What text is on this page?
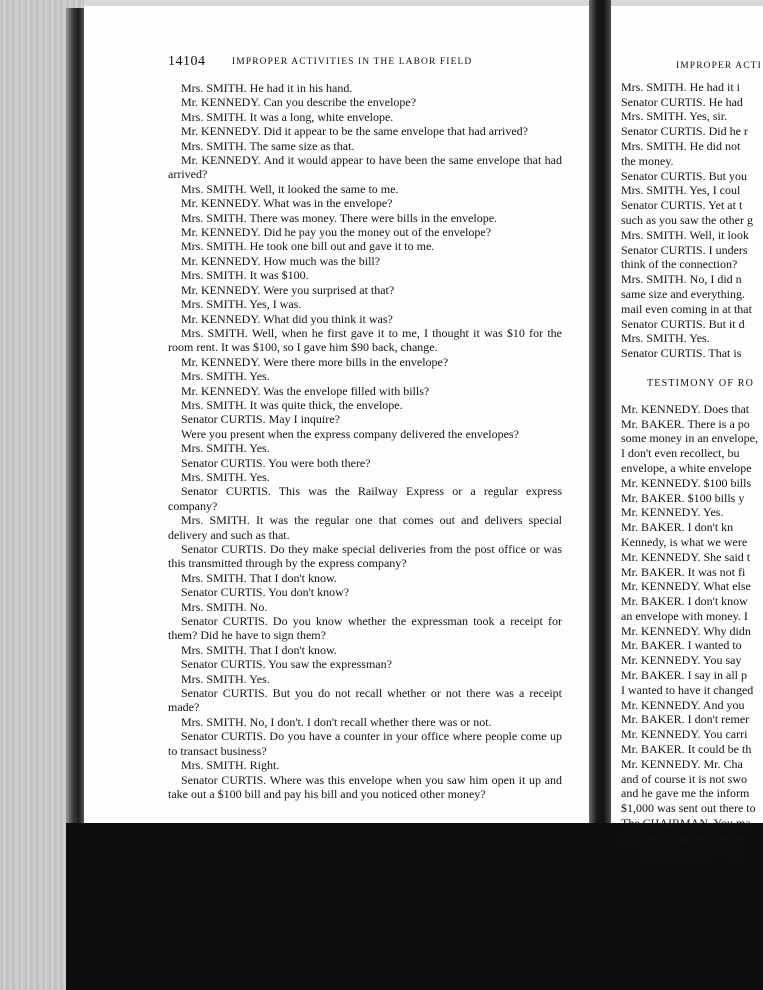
14104	IMPROPER ACTIVITIES IN THE LABOR FIELD

Mrs. SMITH. He had it in his hand.

Mr. KENNEDY. Can you describe the envelope?

Mrs. SMITH. It was a long, white envelope.

Mr. KENNEDY. Did it appear to be the same envelope that had arrived?

Mrs. SMITH. The same size as that.

Mr. KENNEDY. And it would appear to have been the same envelope that had arrived?

Mrs. SMITH. Well, it looked the same to me.

Mr. KENNEDY. What was in the envelope?

Mrs. SMITH. There was money. There were bills in the envelope.

Mr. KENNEDY. Did he pay you the money out of the envelope?

Mrs. SMITH. He took one bill out and gave it to me.

Mr. KENNEDY. How much was the bill?

Mrs. SMITH. It was $100.

Mr. KENNEDY. Were you surprised at that?

Mrs. SMITH. Yes, I was.

Mr. KENNEDY. What did you think it was?

Mrs. SMITH. Well, when he first gave it to me, I thought it was $10 for the room rent. It was $100, so I gave him $90 back, change.

Mr. KENNEDY. Were there more bills in the envelope?

Mrs. SMITH. Yes.

Mr. KENNEDY. Was the envelope filled with bills?

Mrs. SMITH. It was quite thick, the envelope.

Senator CURTIS. May I inquire?

Were you present when the express company delivered the envelopes?

Mrs. SMITH. Yes.

Senator CURTIS. You were both there?

Mrs. SMITH. Yes.

Senator CURTIS. This was the Railway Express or a regular express company?

Mrs. SMITH. It was the regular one that comes out and delivers special delivery and such as that.

Senator CURTIS. Do they make special deliveries from the post office or was this transmitted through by the express company?

Mrs. SMITH. That I don't know.

Senator CURTIS. You don't know?

Mrs. SMITH. No.

Senator CURTIS. Do you know whether the expressman took a receipt for them? Did he have to sign them?

Mrs. SMITH. That I don't know.

Senator CURTIS. You saw the expressman?

Mrs. SMITH. Yes.

Senator CURTIS. But you do not recall whether or not there was a receipt made?

Mrs. SMITH. No, I don't. I don't recall whether there was or not.

Senator CURTIS. Do you have a counter in your office where people come up to transact business?

Mrs. SMITH. Right.

Senator CURTIS. Where was this envelope when you saw him open it up and take out a $100 bill and pay his bill and you noticed other money?

IMPROPER ACTI

Mrs. SMITH. He had it i

Senator CURTIS. He had

Mrs. SMITH. Yes, sir.

Senator CURTIS. Did he r

Mrs. SMITH. He did not

the money.

Senator CURTIS. But you

Mrs. SMITH. Yes, I coul

Senator CURTIS. Yet at t

such as you saw the other g

Mrs. SMITH. Well, it look

Senator CURTIS. I unders

think of the connection?

Mrs. SMITH. No, I did n

same size and everything.

mail even coming in at that

Senator CURTIS. But it d

Mrs. SMITH. Yes.

Senator CURTIS. That is

TESTIMONY OF RO

Mr. KENNEDY. Does that

Mr. BAKER. There is a po

some money in an envelope,

I don't even recollect, bu

envelope, a white envelope

Mr. KENNEDY. $100 bills

Mr. BAKER. $100 bills y

Mr. KENNEDY. Yes.

Mr. BAKER. I don't kn

Kennedy, is what we were

Mr. KENNEDY. She said t

Mr. BAKER. It was not fi

Mr. KENNEDY. What else

Mr. BAKER. I don't know

an envelope with money. I

Mr. KENNEDY. Why didn

Mr. BAKER. I wanted to

Mr. KENNEDY. You say

Mr. BAKER. I say in all p

I wanted to have it changed

Mr. KENNEDY. And you

Mr. BAKER. I don't remer

Mr. KENNEDY. You carri

Mr. BAKER. It could be th

Mr. KENNEDY. Mr. Cha

and of course it is not swo

and he gave me the inform

$1,000 was sent out there to

The CHAIRMAN. You ma

you have, and the telepho

21243—58—pt. 37——25
